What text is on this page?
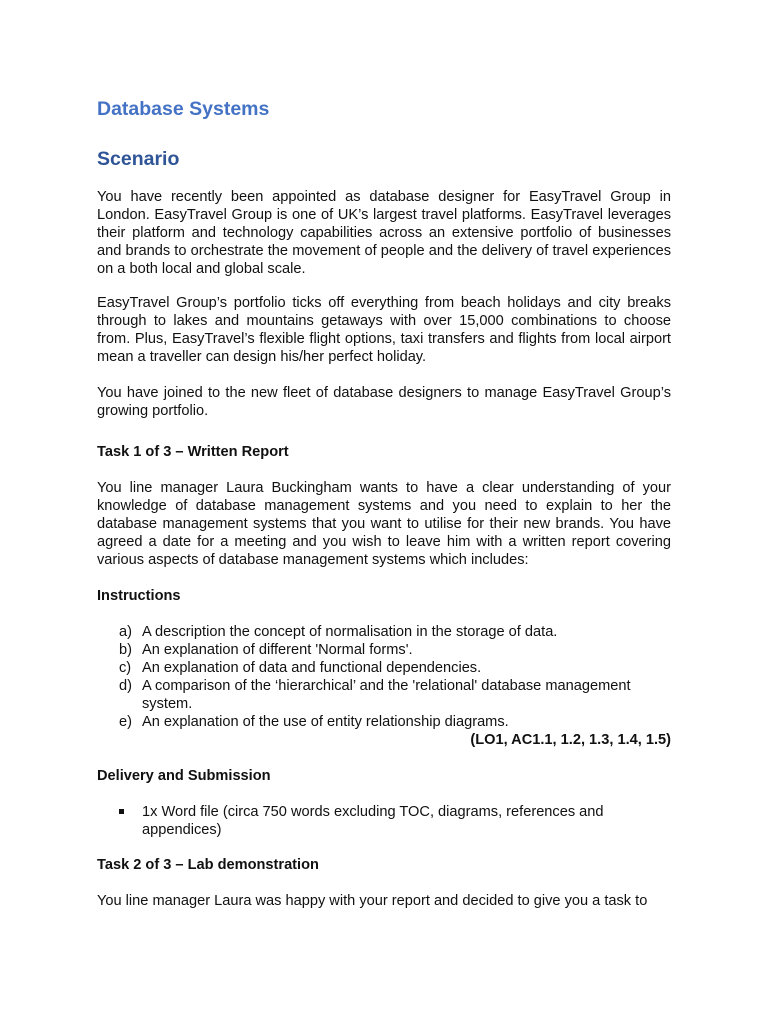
Database Systems
Scenario

You have recently been appointed as database designer for EasyTravel Group in London. EasyTravel Group is one of UK’s largest travel platforms. EasyTravel leverages their platform and technology capabilities across an extensive portfolio of businesses and brands to orchestrate the movement of people and the delivery of travel experiences on a both local and global scale.

EasyTravel Group’s portfolio ticks off everything from beach holidays and city breaks through to lakes and mountains getaways with over 15,000 combinations to choose from. Plus, EasyTravel’s flexible flight options, taxi transfers and flights from local airport mean a traveller can design his/her perfect holiday.

You have joined to the new fleet of database designers to manage EasyTravel Group’s growing portfolio.

Task 1 of 3 – Written Report

You line manager Laura Buckingham wants to have a clear understanding of your knowledge of database management systems and you need to explain to her the database management systems that you want to utilise for their new brands. You have agreed a date for a meeting and you wish to leave him with a written report covering various aspects of database management systems which includes:

Instructions
a) A description the concept of normalisation in the storage of data.
b) An explanation of different 'Normal forms'.
c) An explanation of data and functional dependencies.
d) A comparison of the ‘hierarchical’ and the 'relational' database management system.
e) An explanation of the use of entity relationship diagrams.
(LO1, AC1.1, 1.2, 1.3, 1.4, 1.5)
Delivery and Submission
1x Word file (circa 750 words excluding TOC, diagrams, references and appendices)
Task 2 of 3 – Lab demonstration

You line manager Laura was happy with your report and decided to give you a task to
